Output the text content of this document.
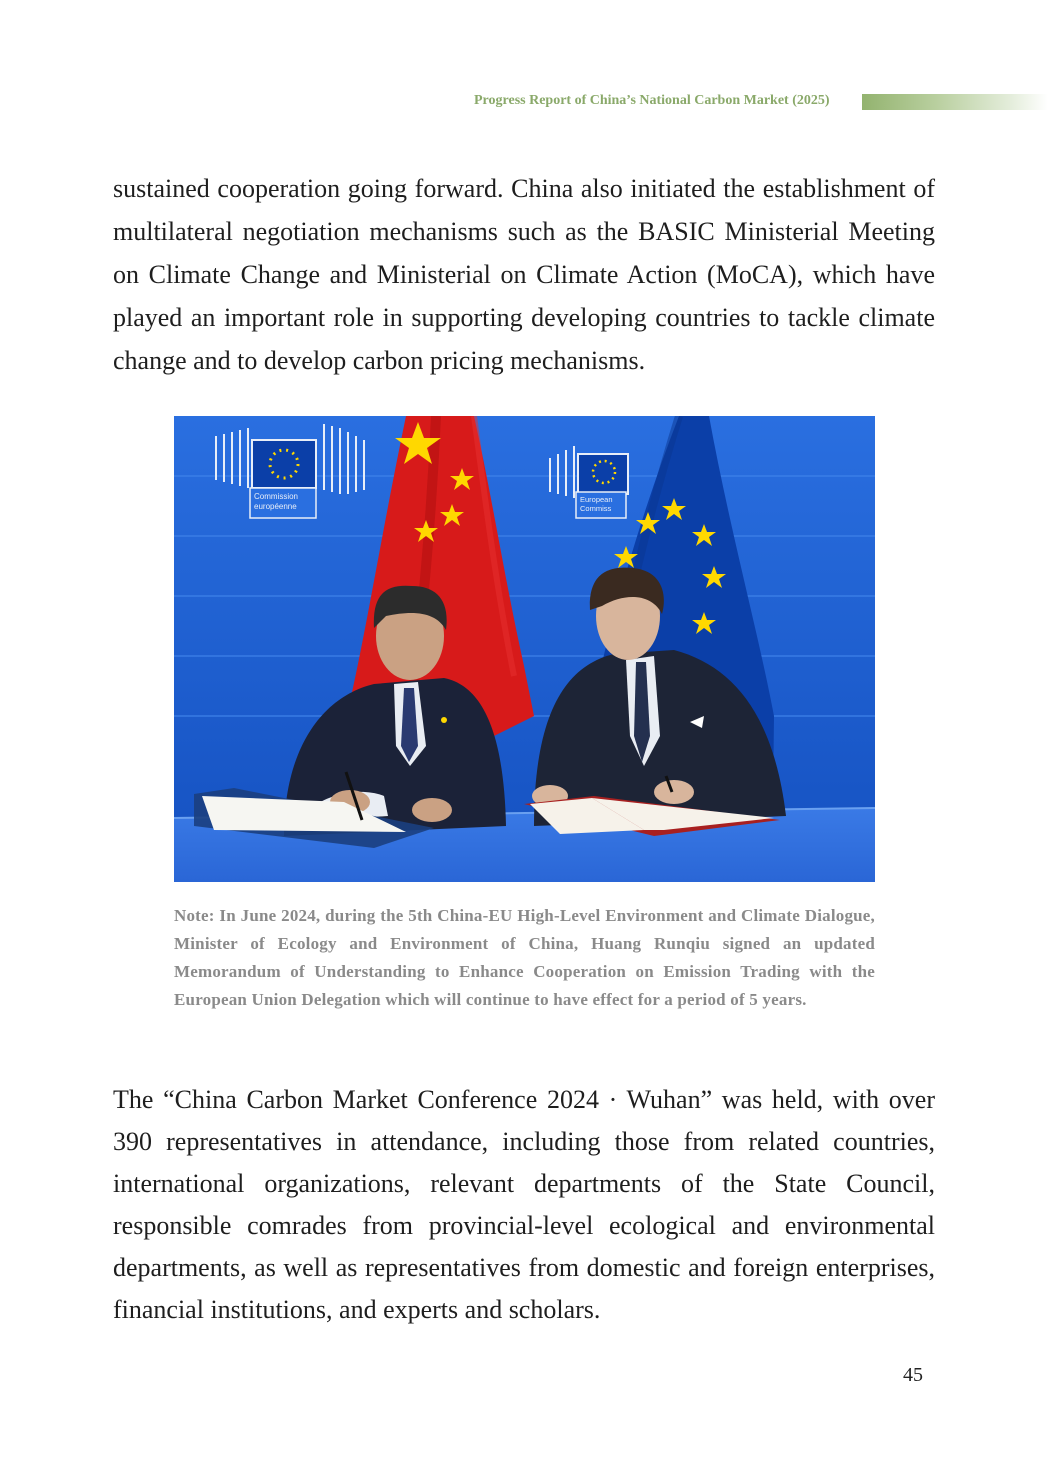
Progress Report of China’s National Carbon Market (2025)

sustained cooperation going forward. China also initiated the establishment of multilateral negotiation mechanisms such as the BASIC Ministerial Meeting on Climate Change and Ministerial on Climate Action (MoCA), which have played an important role in supporting developing countries to tackle climate change and to develop carbon pricing mechanisms.

Commission
européenne
European
Commiss

Note: In June 2024, during the 5th China-EU High-Level Environment and Climate Dialogue, Minister of Ecology and Environment of China, Huang Runqiu signed an updated Memorandum of Understanding to Enhance Cooperation on Emission Trading with the European Union Delegation which will continue to have effect for a period of 5 years.

The “China Carbon Market Conference 2024 · Wuhan” was held, with over 390 representatives in attendance, including those from related countries, international organizations, relevant departments of the State Council, responsible comrades from provincial-level ecological and environmental departments, as well as representatives from domestic and foreign enterprises, financial institutions, and experts and scholars.

45
